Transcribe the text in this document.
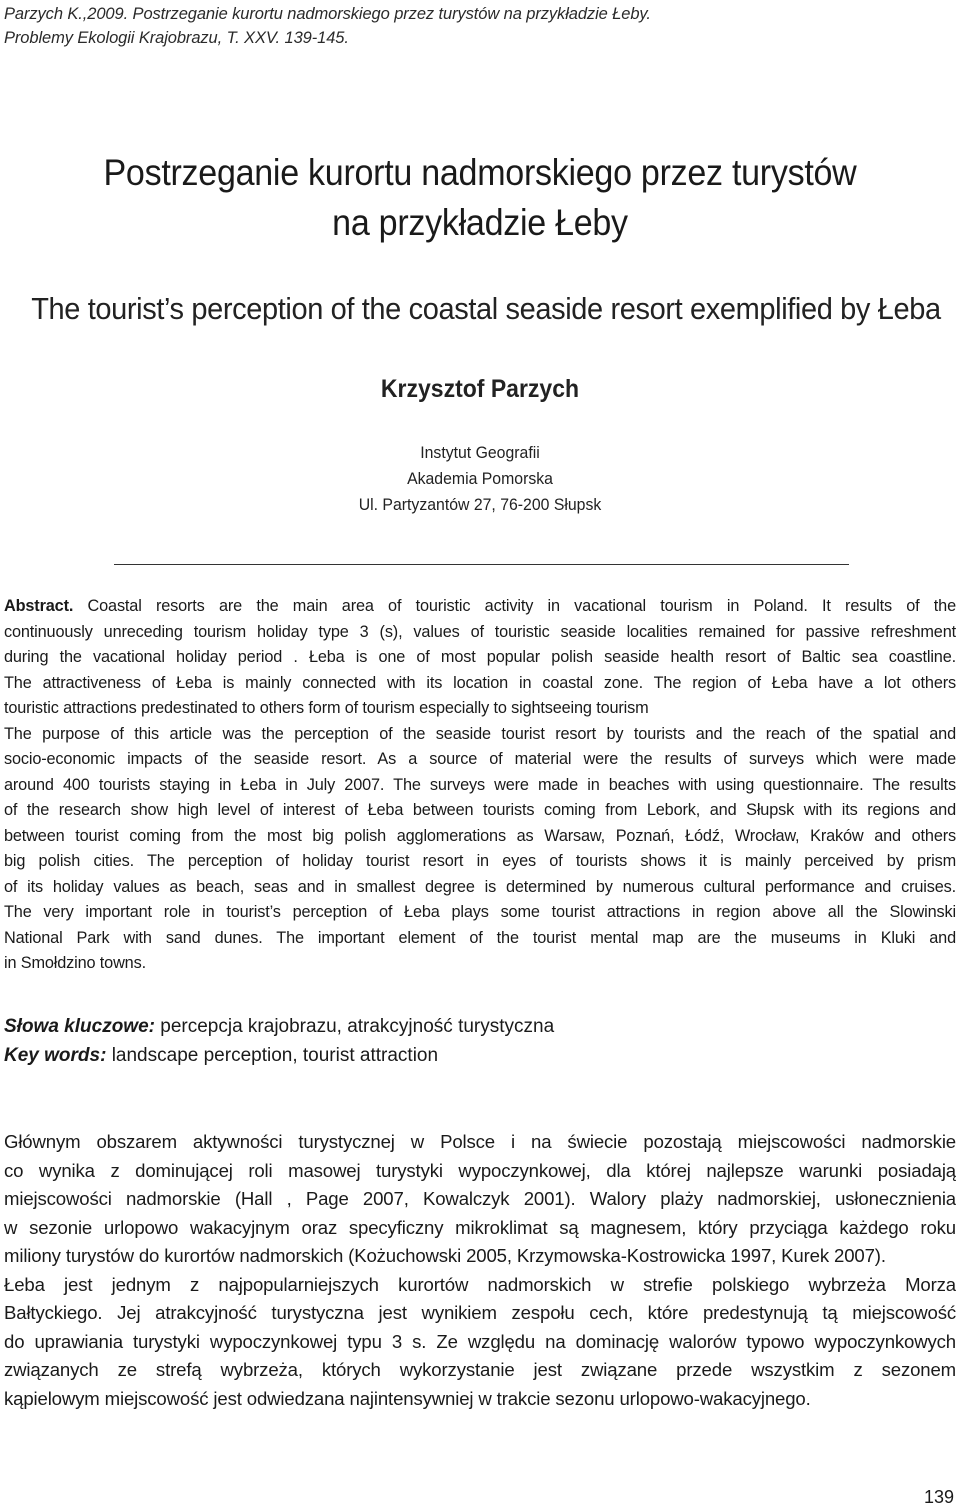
Parzych K.,2009. Postrzeganie kurortu nadmorskiego przez turystów na przykładzie Łeby.
Problemy Ekologii Krajobrazu, T. XXV. 139-145.
Postrzeganie kurortu nadmorskiego przez turystów
na przykładzie Łeby
The tourist’s perception of the coastal seaside resort exemplified by Łeba
Krzysztof Parzych
Instytut Geografii
Akademia Pomorska
Ul. Partyzantów 27, 76-200 Słupsk
Abstract. Coastal resorts are the main area of touristic activity in vacational tourism in Poland. It results of the
continuously unreceding tourism holiday type 3 (s), values of touristic seaside localities remained for passive refreshment
during the vacational holiday period . Łeba is one of most popular polish seaside health resort of Baltic sea coastline.
The attractiveness of Łeba is mainly connected with its location in coastal zone. The region of Łeba have a lot others
touristic attractions predestinated to others form of tourism especially to sightseeing tourism
The purpose of this article was the perception of the seaside tourist resort by tourists and the reach of the spatial and
socio-economic impacts of the seaside resort. As a source of material were the results of surveys which were made
around 400 tourists staying in Łeba in July 2007. The surveys were made in beaches with using questionnaire. The results
of the research show high level of interest of Łeba between tourists coming from Lebork, and Słupsk with its regions and
between tourist coming from the most big polish agglomerations as Warsaw, Poznań, Łódź, Wrocław, Kraków and others
big polish cities. The perception of holiday tourist resort in eyes of tourists shows it is mainly perceived by prism
of its holiday values as beach, seas and in smallest degree is determined by numerous cultural performance and cruises.
The very important role in tourist’s perception of Łeba plays some tourist attractions in region above all the Slowinski
National Park with sand dunes. The important element of the tourist mental map are the museums in Kluki and
in Smołdzino towns.
Słowa kluczowe: percepcja krajobrazu, atrakcyjność turystyczna
Key words: landscape perception, tourist attraction
Głównym obszarem aktywności turystycznej w Polsce i na świecie pozostają miejscowości nadmorskie
co wynika z dominującej roli masowej turystyki wypoczynkowej, dla której najlepsze warunki posiadają
miejscowości nadmorskie (Hall , Page 2007, Kowalczyk 2001). Walory plaży nadmorskiej, usłonecznienia
w sezonie urlopowo wakacyjnym oraz specyficzny mikroklimat są magnesem, który przyciąga każdego roku
miliony turystów do kurortów nadmorskich (Kożuchowski 2005, Krzymowska-Kostrowicka 1997, Kurek 2007).
Łeba jest jednym z najpopularniejszych kurortów nadmorskich w strefie polskiego wybrzeża Morza
Bałtyckiego. Jej atrakcyjność turystyczna jest wynikiem zespołu cech, które predestynują tą miejscowość
do uprawiania turystyki wypoczynkowej typu 3 s. Ze względu na dominację walorów typowo wypoczynkowych
związanych ze strefą wybrzeża, których wykorzystanie jest związane przede wszystkim z sezonem
kąpielowym miejscowość jest odwiedzana najintensywniej w trakcie sezonu urlopowo-wakacyjnego.
139
